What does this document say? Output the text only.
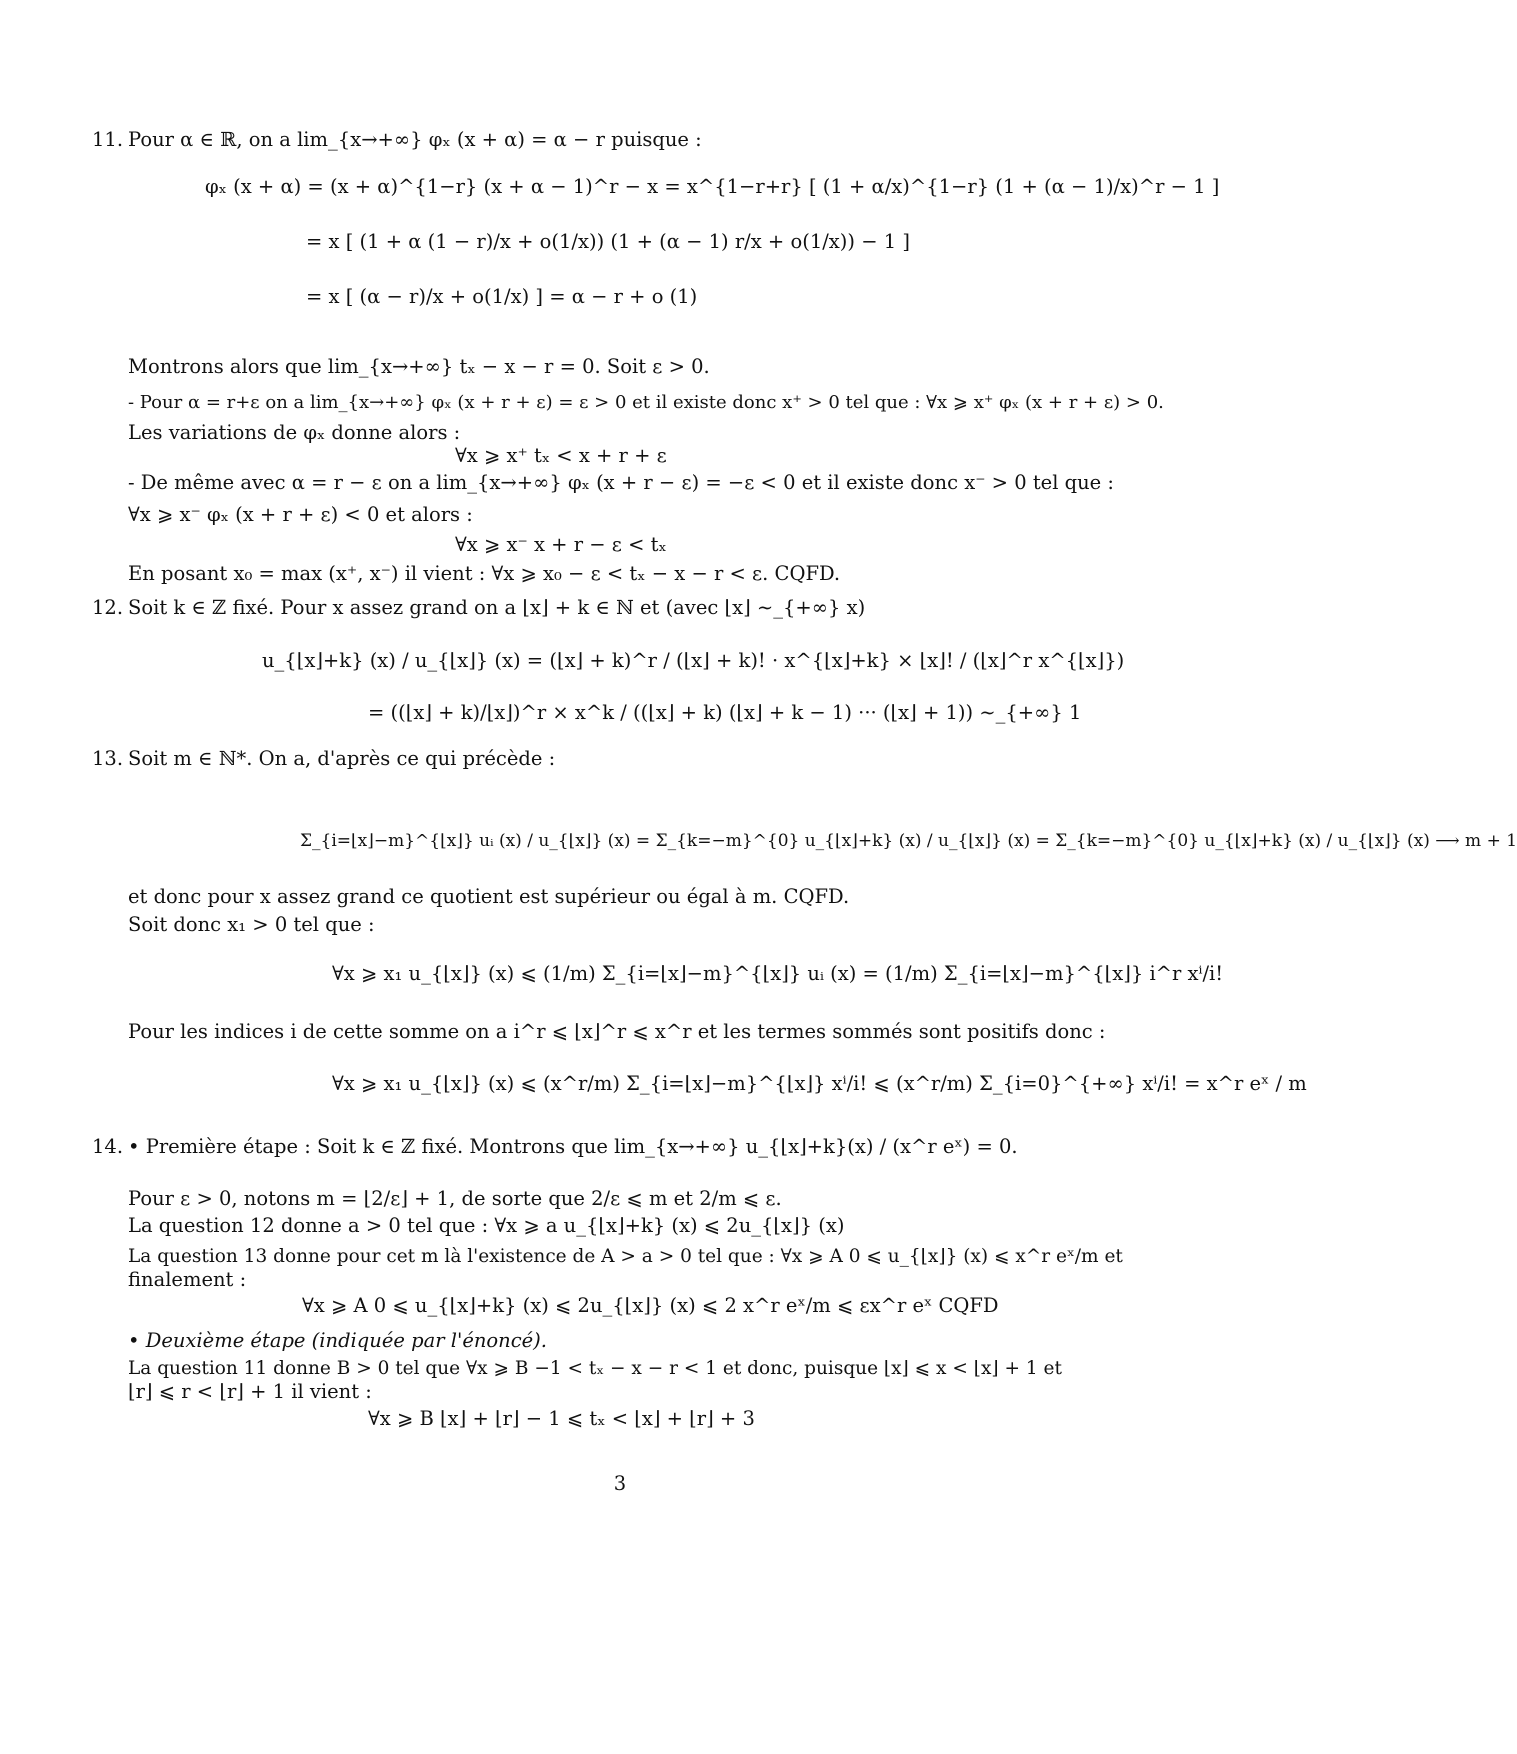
11. Pour α ∈ ℝ, on a lim_{x→+∞} φₓ (x + α) = α − r puisque :
φₓ (x + α) = (x + α)^{1−r} (x + α − 1)^r − x = x^{1−r+r} [ (1 + α/x)^{1−r} (1 + (α − 1)/x)^r − 1 ]
= x [ (1 + α (1 − r)/x + o(1/x)) (1 + (α − 1) r/x + o(1/x)) − 1 ]
= x [ (α − r)/x + o(1/x) ] = α − r + o (1)
Montrons alors que lim_{x→+∞} tₓ − x − r = 0. Soit ε > 0.
- Pour α = r+ε on a lim_{x→+∞} φₓ (x + r + ε) = ε > 0 et il existe donc x⁺ > 0 tel que : ∀x ⩾ x⁺ φₓ (x + r + ε) > 0.
Les variations de φₓ donne alors :
∀x ⩾ x⁺ tₓ < x + r + ε
- De même avec α = r − ε on a lim_{x→+∞} φₓ (x + r − ε) = −ε < 0 et il existe donc x⁻ > 0 tel que :
∀x ⩾ x⁻ φₓ (x + r + ε) < 0 et alors :
∀x ⩾ x⁻ x + r − ε < tₓ
En posant x₀ = max (x⁺, x⁻) il vient : ∀x ⩾ x₀ − ε < tₓ − x − r < ε. CQFD.
12. Soit k ∈ ℤ fixé. Pour x assez grand on a ⌊x⌋ + k ∈ ℕ et (avec ⌊x⌋ ∼_{+∞} x)
u_{⌊x⌋+k} (x) / u_{⌊x⌋} (x) = (⌊x⌋ + k)^r / (⌊x⌋ + k)! · x^{⌊x⌋+k} × ⌊x⌋! / (⌊x⌋^r x^{⌊x⌋})
= ((⌊x⌋ + k)/⌊x⌋)^r × x^k / ((⌊x⌋ + k) (⌊x⌋ + k − 1) ··· (⌊x⌋ + 1)) ∼_{+∞} 1
13. Soit m ∈ ℕ*. On a, d'après ce qui précède :
Σ_{i=⌊x⌋−m}^{⌊x⌋} uᵢ (x) / u_{⌊x⌋} (x) = Σ_{k=−m}^{0} u_{⌊x⌋+k} (x) / u_{⌊x⌋} (x) = Σ_{k=−m}^{0} u_{⌊x⌋+k} (x) / u_{⌊x⌋} (x) ⟶ m + 1
et donc pour x assez grand ce quotient est supérieur ou égal à m. CQFD.
Soit donc x₁ > 0 tel que :
∀x ⩾ x₁ u_{⌊x⌋} (x) ⩽ (1/m) Σ_{i=⌊x⌋−m}^{⌊x⌋} uᵢ (x) = (1/m) Σ_{i=⌊x⌋−m}^{⌊x⌋} i^r xⁱ/i!
Pour les indices i de cette somme on a i^r ⩽ ⌊x⌋^r ⩽ x^r et les termes sommés sont positifs donc :
∀x ⩾ x₁ u_{⌊x⌋} (x) ⩽ (x^r/m) Σ_{i=⌊x⌋−m}^{⌊x⌋} xⁱ/i! ⩽ (x^r/m) Σ_{i=0}^{+∞} xⁱ/i! = x^r eˣ / m
14. • Première étape : Soit k ∈ ℤ fixé. Montrons que lim_{x→+∞} u_{⌊x⌋+k}(x) / (x^r eˣ) = 0.
Pour ε > 0, notons m = ⌊2/ε⌋ + 1, de sorte que 2/ε ⩽ m et 2/m ⩽ ε.
La question 12 donne a > 0 tel que : ∀x ⩾ a u_{⌊x⌋+k} (x) ⩽ 2u_{⌊x⌋} (x)
La question 13 donne pour cet m là l'existence de A > a > 0 tel que : ∀x ⩾ A 0 ⩽ u_{⌊x⌋} (x) ⩽ x^r eˣ/m et
finalement :
∀x ⩾ A 0 ⩽ u_{⌊x⌋+k} (x) ⩽ 2u_{⌊x⌋} (x) ⩽ 2 x^r eˣ/m ⩽ εx^r eˣ CQFD
• Deuxième étape (indiquée par l'énoncé).
La question 11 donne B > 0 tel que ∀x ⩾ B −1 < tₓ − x − r < 1 et donc, puisque ⌊x⌋ ⩽ x < ⌊x⌋ + 1 et
⌊r⌋ ⩽ r < ⌊r⌋ + 1 il vient :
∀x ⩾ B ⌊x⌋ + ⌊r⌋ − 1 ⩽ tₓ < ⌊x⌋ + ⌊r⌋ + 3
3
